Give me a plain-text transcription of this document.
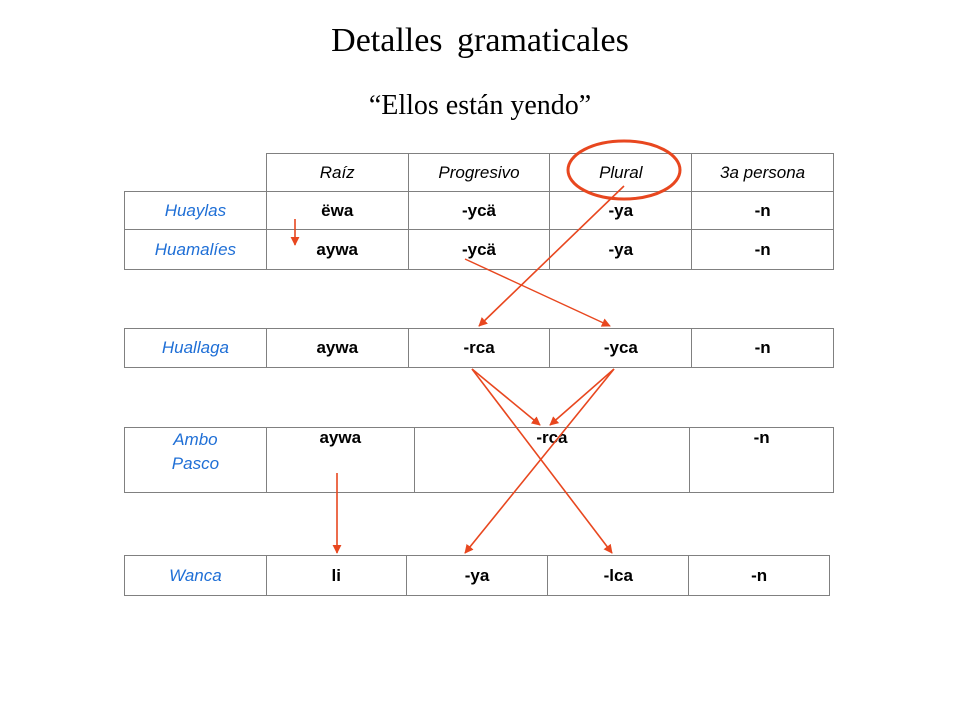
Detalles gramaticales
“Ellos están yendo”
	Raíz	Progresivo	Plural	3a persona
Huaylas	ëwa	-ycä	-ya	-n
Huamalíes	aywa	-ycä	-ya	-n
Huallaga	aywa	-rca	-yca	-n
Ambo
Pasco
	aywa	-rca	-n
Wanca	li	-ya	-lca	-n
